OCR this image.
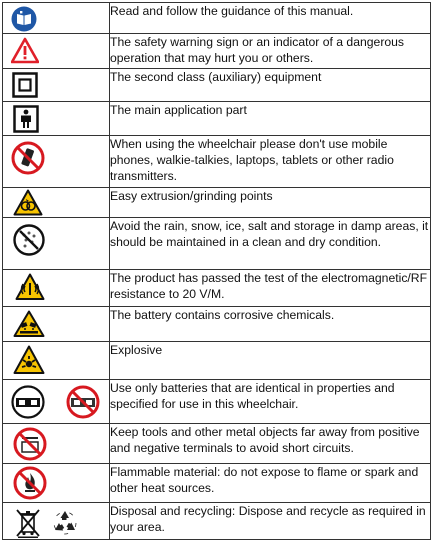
	Read and follow the guidance of this manual.

	The safety warning sign or an indicator of a dangerous operation that may hurt you or others.

	The second class (auxiliary) equipment

	The main application part

	When using the wheelchair please don't use mobile phones, walkie-talkies, laptops, tablets or other radio transmitters.

	Easy extrusion/grinding points

	Avoid the rain, snow, ice, salt and storage in damp areas, it should be maintained in a clean and dry condition.

	The product has passed the test of the electromagnetic/RF resistance to 20 V/M.

	The battery contains corrosive chemicals.

	Explosive

	Use only batteries that are identical in properties and specified for use in this wheelchair.

	Keep tools and other metal objects far away from positive and negative terminals to avoid short circuits.

	Flammable material: do not expose to flame or spark and other heat sources.

	Disposal and recycling: Dispose and recycle as required in your area.
